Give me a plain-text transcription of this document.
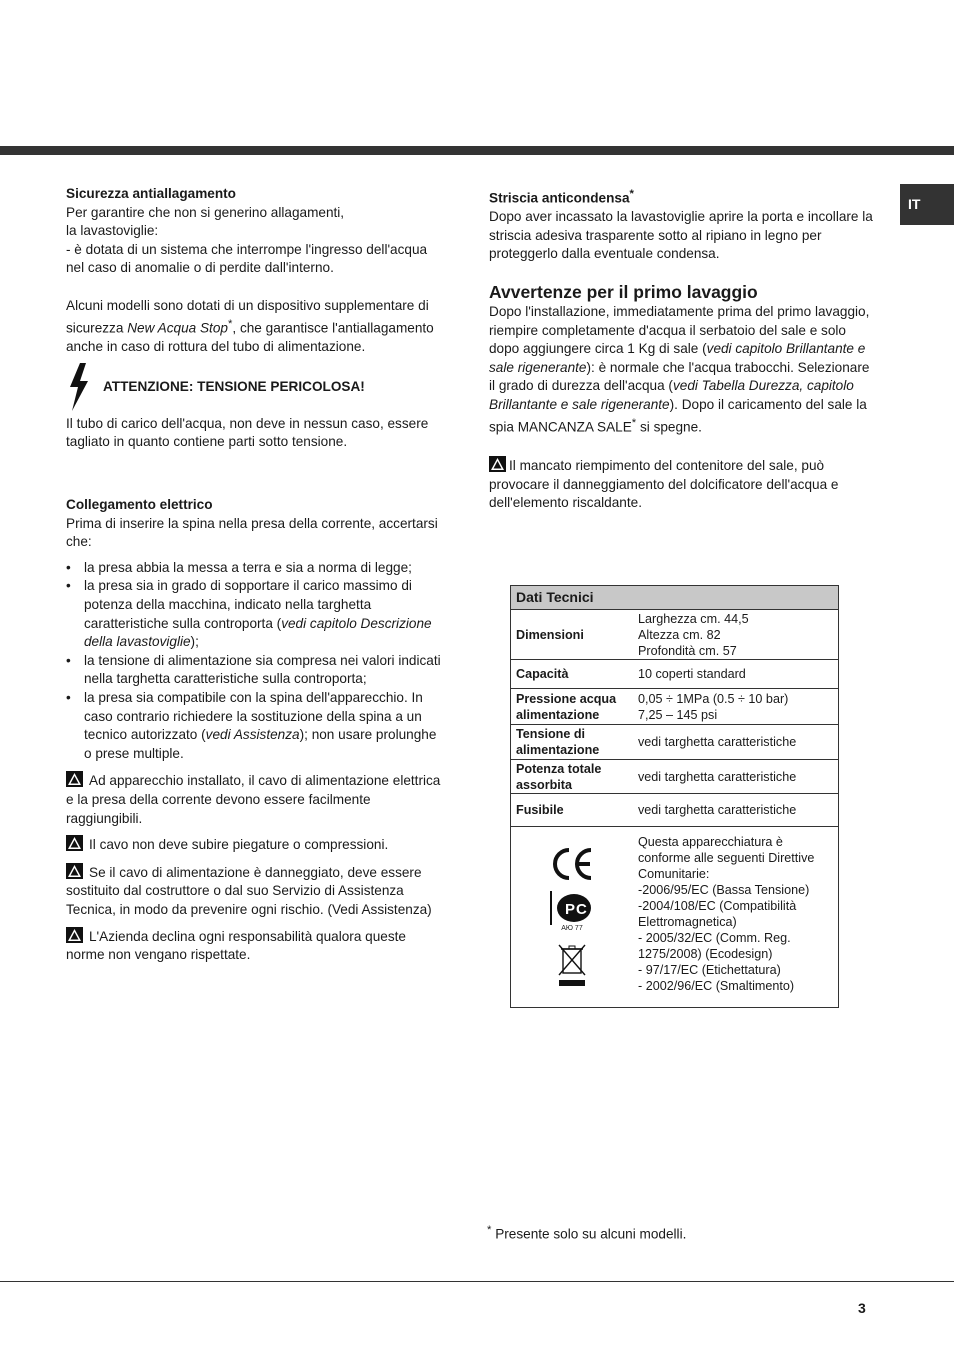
IT

Sicurezza antiallagamento

Per garantire che non si generino allagamenti,

la lavastoviglie:

- è dotata di un sistema che interrompe l'ingresso dell'acqua nel caso di anomalie o di perdite dall'interno.

Alcuni modelli sono dotati di un dispositivo supplementare di sicurezza New Acqua Stop*, che garantisce l'antiallagamento anche in caso di rottura del tubo di alimentazione.

ATTENZIONE: TENSIONE PERICOLOSA!

Il tubo di carico dell'acqua, non deve in nessun caso, essere tagliato in quanto contiene parti sotto tensione.

Collegamento elettrico

Prima di inserire la spina nella presa della corrente, accertarsi che:

• la presa abbia la messa a terra e sia a norma di legge;
• la presa sia in grado di sopportare il carico massimo di potenza della macchina, indicato nella targhetta caratteristiche sulla controporta (vedi capitolo Descrizione della lavastoviglie);
• la tensione di alimentazione sia compresa nei valori indicati nella targhetta caratteristiche sulla controporta;
• la presa sia compatibile con la spina dell'apparecchio. In caso contrario richiedere la sostituzione della spina a un tecnico autorizzato (vedi Assistenza); non usare prolunghe o prese multiple.

Ad apparecchio installato, il cavo di alimentazione elettrica e la presa della corrente devono essere facilmente raggiungibili.

Il cavo non deve subire piegature o compressioni.

Se il cavo di alimentazione è danneggiato, deve essere sostituito dal costruttore o dal suo Servizio di Assistenza Tecnica, in modo da prevenire ogni rischio. (Vedi Assistenza)

L'Azienda declina ogni responsabilità qualora queste norme non vengano rispettate.

Striscia anticondensa*

Dopo aver incassato la lavastoviglie aprire la porta e incollare la striscia adesiva trasparente sotto al ripiano in legno per proteggerlo dalla eventuale condensa.

Avvertenze per il primo lavaggio

Dopo l'installazione, immediatamente prima del primo lavaggio, riempire completamente d'acqua il serbatoio del sale e solo dopo aggiungere circa 1 Kg di sale (vedi capitolo Brillantante e sale rigenerante): è normale che l'acqua trabocchi. Selezionare il grado di durezza dell'acqua (vedi Tabella Durezza, capitolo Brillantante e sale rigenerante). Dopo il caricamento del sale la spia MANCANZA SALE* si spegne.

Il mancato riempimento del contenitore del sale, può provocare il danneggiamento del dolcificatore dell'acqua e dell'elemento riscaldante.

Dati Tecnici
Dimensioni
Larghezza cm. 44,5
Altezza cm. 82
Profondità cm. 57
Capacità	10 coperti standard
Pressione acqua alimentazione
0,05 ÷ 1MPa (0.5 ÷ 10 bar)
7,25 – 145 psi
Tensione di alimentazione
vedi targhetta caratteristiche
Potenza totale assorbita
vedi targhetta caratteristiche
Fusibile	vedi targhetta caratteristiche
P C
АЮ 77
Questa apparecchiatura è conforme alle seguenti Direttive Comunitarie:
-2006/95/EC (Bassa Tensione)
-2004/108/EC (Compatibilità Elettromagnetica)
- 2005/32/EC (Comm. Reg. 1275/2008) (Ecodesign)
- 97/17/EC (Etichettatura)
- 2002/96/EC (Smaltimento)
* Presente solo su alcuni modelli.
3
